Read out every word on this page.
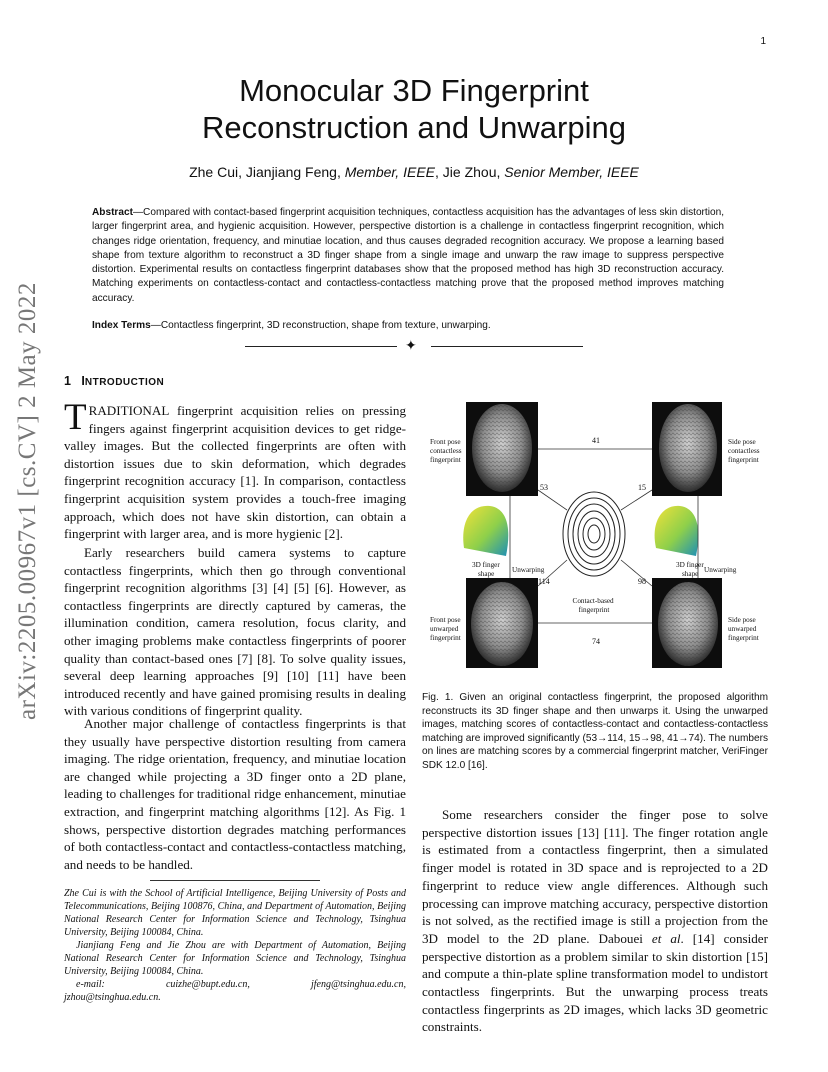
1
arXiv:2205.00967v1 [cs.CV] 2 May 2022
Monocular 3D Fingerprint
Reconstruction and Unwarping
Zhe Cui, Jianjiang Feng, Member, IEEE, Jie Zhou, Senior Member, IEEE
Abstract—Compared with contact-based fingerprint acquisition techniques, contactless acquisition has the advantages of less skin distortion, larger fingerprint area, and hygienic acquisition. However, perspective distortion is a challenge in contactless fingerprint recognition, which changes ridge orientation, frequency, and minutiae location, and thus causes degraded recognition accuracy. We propose a learning based shape from texture algorithm to reconstruct a 3D finger shape from a single image and unwarp the raw image to suppress perspective distortion. Experimental results on contactless fingerprint databases show that the proposed method has high 3D reconstruction accuracy. Matching experiments on contactless-contact and contactless-contactless matching prove that the proposed method improves matching accuracy.
Index Terms—Contactless fingerprint, 3D reconstruction, shape from texture, unwarping.
✦
1 INTRODUCTION
TRADITIONAL fingerprint acquisition relies on pressing fingers against fingerprint acquisition devices to get ridge-valley images. But the collected fingerprints are often with distortion issues due to skin deformation, which degrades fingerprint recognition accuracy [1]. In comparison, contactless fingerprint acquisition system provides a touch-free imaging approach, which does not have skin distortion, can obtain a fingerprint with larger area, and is more hygienic [2].
Early researchers build camera systems to capture contactless fingerprints, which then go through conventional fingerprint recognition algorithms [3] [4] [5] [6]. However, as contactless fingerprints are directly captured by cameras, the illumination condition, camera resolution, focus clarity, and other imaging problems make contactless fingerprints of poorer quality than contact-based ones [7] [8]. To solve quality issues, several deep learning approaches [9] [10] [11] have been introduced recently and have gained promising results in dealing with various conditions of fingerprint quality.
Another major challenge of contactless fingerprints is that they usually have perspective distortion resulting from camera imaging. The ridge orientation, frequency, and minutiae location are changed while projecting a 3D finger onto a 2D plane, leading to challenges for traditional ridge enhancement, minutiae extraction, and fingerprint matching algorithms [12]. As Fig. 1 shows, perspective distortion degrades matching performances of both contactless-contact and contactless-contactless matching, and needs to be handled.

Zhe Cui is with the School of Artificial Intelligence, Beijing University of Posts and Telecommunications, Beijing 100876, China, and Department of Automation, Beijing National Research Center for Information Science and Technology, Tsinghua University, Beijing 100084, China.

Jianjiang Feng and Jie Zhou are with Department of Automation, Beijing National Research Center for Information Science and Technology, Tsinghua University, Beijing 100084, China.

e-mail:	cuizhe@bupt.edu.cn,	jfeng@tsinghua.edu.cn,

jzhou@tsinghua.edu.cn.

Front pose contactless fingerprint
Side pose contactless fingerprint
Front pose unwarped fingerprint
Side pose unwarped fingerprint
3D finger shape
3D finger shape
Unwarping	Unwarping
Contact-based fingerprint
41
53	15
114	98
74
Fig. 1. Given an original contactless fingerprint, the proposed algorithm reconstructs its 3D finger shape and then unwarps it. Using the unwarped images, matching scores of contactless-contact and contactless-contactless matching are improved significantly (53→114, 15→98, 41→74). The numbers on lines are matching scores by a commercial fingerprint matcher, VeriFinger SDK 12.0 [16].
Some researchers consider the finger pose to solve perspective distortion issues [13] [11]. The finger rotation angle is estimated from a contactless fingerprint, then a simulated finger model is rotated in 3D space and is reprojected to a 2D fingerprint to reduce view angle differences. Although such processing can improve matching accuracy, perspective distortion is not solved, as the rectified image is still a projection from the 3D model to the 2D plane. Dabouei et al. [14] consider perspective distortion as a problem similar to skin distortion [15] and compute a thin-plate spline transformation model to undistort contactless fingerprints. But the unwarping process treats contactless fingerprints as 2D images, which lacks 3D geometric constraints.
